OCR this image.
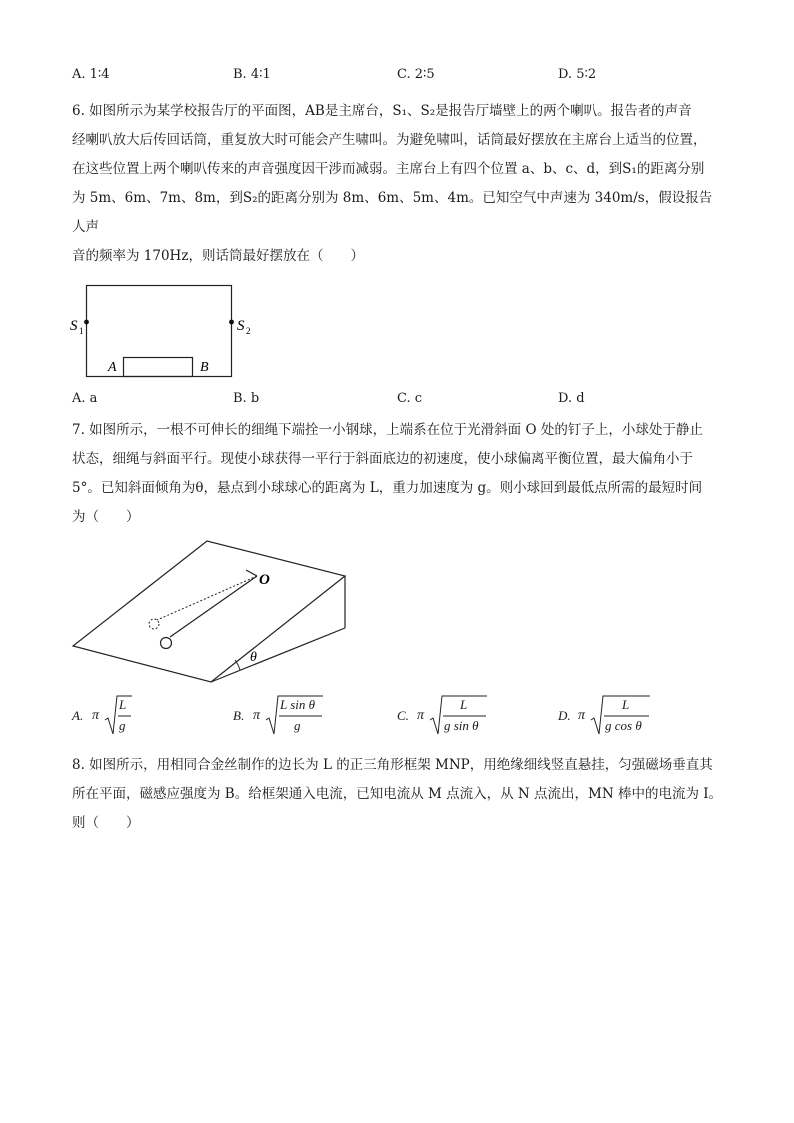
A. 1∶4	B. 4∶1	C. 2∶5	D. 5∶2

6. 如图所示为某学校报告厅的平面图，AB是主席台，S₁、S₂是报告厅墙壁上的两个喇叭。报告者的声音

经喇叭放大后传回话筒，重复放大时可能会产生啸叫。为避免啸叫，话筒最好摆放在主席台上适当的位置，

在这些位置上两个喇叭传来的声音强度因干涉而减弱。主席台上有四个位置 a、b、c、d，到S₁的距离分别

为 5m、6m、7m、8m，到S₂的距离分别为 8m、6m、5m、4m。已知空气中声速为 340m/s，假设报告人声

音的频率为 170Hz，则话筒最好摆放在（　　）

S 1	S 2
A	B
A. a	B. b	C. c	D. d

7. 如图所示，一根不可伸长的细绳下端拴一小钢球，上端系在位于光滑斜面 O 处的钉子上，小球处于静止

状态，细绳与斜面平行。现使小球获得一平行于斜面底边的初速度，使小球偏离平衡位置，最大偏角小于

5°。已知斜面倾角为θ，悬点到小球球心的距离为 L，重力加速度为 g。则小球回到最低点所需的最短时间

为（　　）

θ
O
A. π
L
g
B. π
L sin θ
g
C. π
L
g sin θ
D. π
L
g cos θ

8. 如图所示，用相同合金丝制作的边长为 L 的正三角形框架 MNP，用绝缘细线竖直悬挂，匀强磁场垂直其

所在平面，磁感应强度为 B。给框架通入电流，已知电流从 M 点流入，从 N 点流出，MN 棒中的电流为 I。

则（　　）
